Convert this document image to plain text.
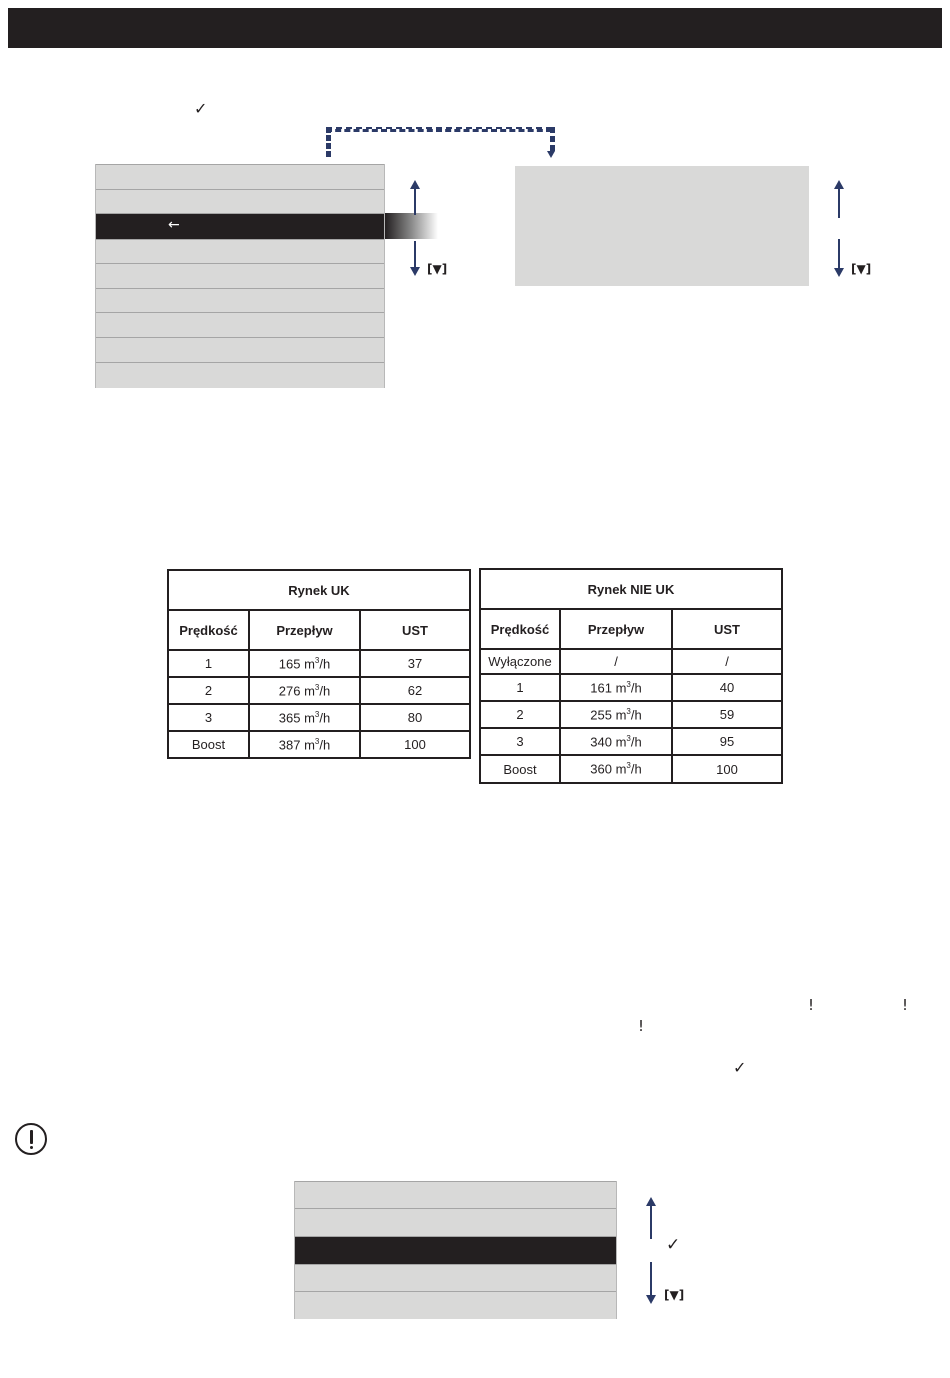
✓
←
[▼]	[▼]
Rynek UK		
Prędkość	Przepływ	UST
1	165 $m^3/h$	37
2	276 $m^3/h$	62
3	365 $m^3/h$	80
Boost	387 $m^3/h$	100
Rynek NIE UK		
Prędkość	Przepływ	UST
Wyłączone	/	/
1	161 $m^3/h$	40
2	255 $m^3/h$	59
3	340 $m^3/h$	95
Boost	360 $m^3/h$	100
!	!
!
✓
✓
[▼]
